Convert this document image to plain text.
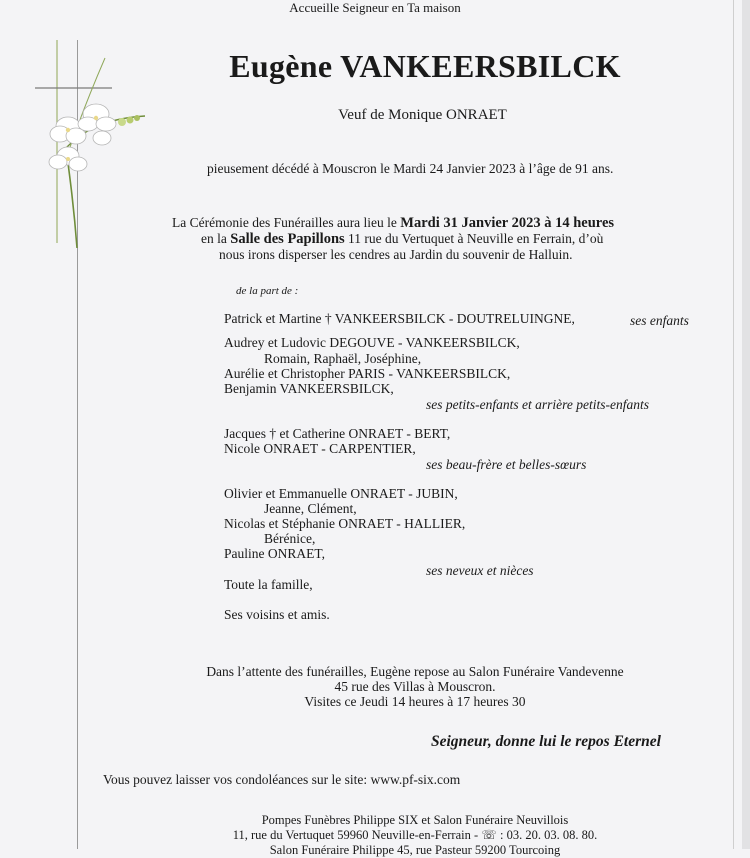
Accueille Seigneur en Ta maison
Eugène VANKEERSBILCK
Veuf de Monique ONRAET
pieusement décédé à Mouscron le Mardi 24 Janvier 2023 à l’âge de 91 ans.
La Cérémonie des Funérailles aura lieu le Mardi 31 Janvier 2023 à 14 heures
en la Salle des Papillons 11 rue du Vertuquet à Neuville en Ferrain, d’où
nous irons disperser les cendres au Jardin du souvenir de Halluin.
de la part de :
Patrick et Martine † VANKEERSBILCK - DOUTRELUINGNE,	ses enfants
Audrey et Ludovic DEGOUVE - VANKEERSBILCK,
Romain, Raphaël, Joséphine,
Aurélie et Christopher PARIS - VANKEERSBILCK,
Benjamin VANKEERSBILCK,
ses petits-enfants et arrière petits-enfants
Jacques † et Catherine ONRAET - BERT,
Nicole ONRAET - CARPENTIER,
ses beau-frère et belles-sœurs
Olivier et Emmanuelle ONRAET - JUBIN,
Jeanne, Clément,
Nicolas et Stéphanie ONRAET - HALLIER,
Bérénice,
Pauline ONRAET,
ses neveux et nièces
Toute la famille,
Ses voisins et amis.
Dans l’attente des funérailles, Eugène repose au Salon Funéraire Vandevenne
45 rue des Villas à Mouscron.
Visites ce Jeudi 14 heures à 17 heures 30
Seigneur, donne lui le repos Eternel
Vous pouvez laisser vos condoléances sur le site: www.pf-six.com
Pompes Funèbres Philippe SIX et Salon Funéraire Neuvillois
11, rue du Vertuquet 59960 Neuville-en-Ferrain - ☏ : 03. 20. 03. 08. 80.
Salon Funéraire Philippe 45, rue Pasteur 59200 Tourcoing
